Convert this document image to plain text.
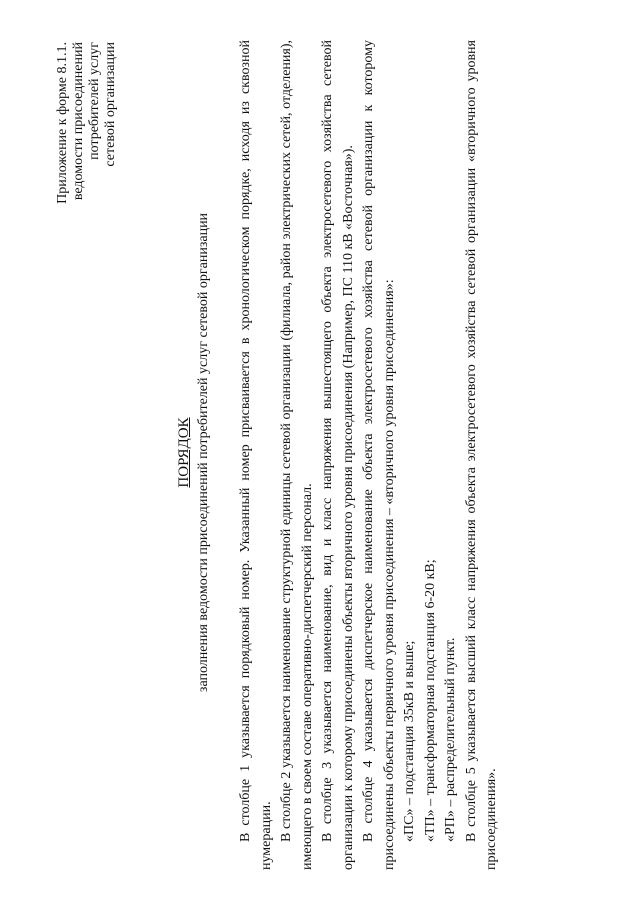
Приложение к форме 8.1.1. ведомости присоединений потребителей услуг сетевой организации
ПОРЯДОК заполнения ведомости присоединений потребителей услуг сетевой организации В столбце 1 указывается порядковый номер. Указанный номер присваивается в хронологическом порядке, исходя из сквозной нумерации. В столбце 2 указывается наименование структурной единицы сетевой организации (филиала, район электрических сетей, отделения), имеющего в своем составе оперативно-диспетчерский персонал. В столбце 3 указывается наименование, вид и класс напряжения вышестоящего объекта электросетевого хозяйства сетевой организации к которому присоединены объекты вторичного уровня присоединения (Например, ПС 110 кВ «Восточная»). В столбце 4 указывается диспетчерское наименование объекта электросетевого хозяйства сетевой организации к которому присоединены объекты первичного уровня присоединения – «вторичного уровня присоединения»: «ПС» – подстанция 35кВ и выше; «ТП» – трансформаторная подстанция 6-20 кВ; «РП» – распределительный пункт. В столбце 5 указывается высший класс напряжения объекта электросетевого хозяйства сетевой организации «вторичного уровня присоединения».
